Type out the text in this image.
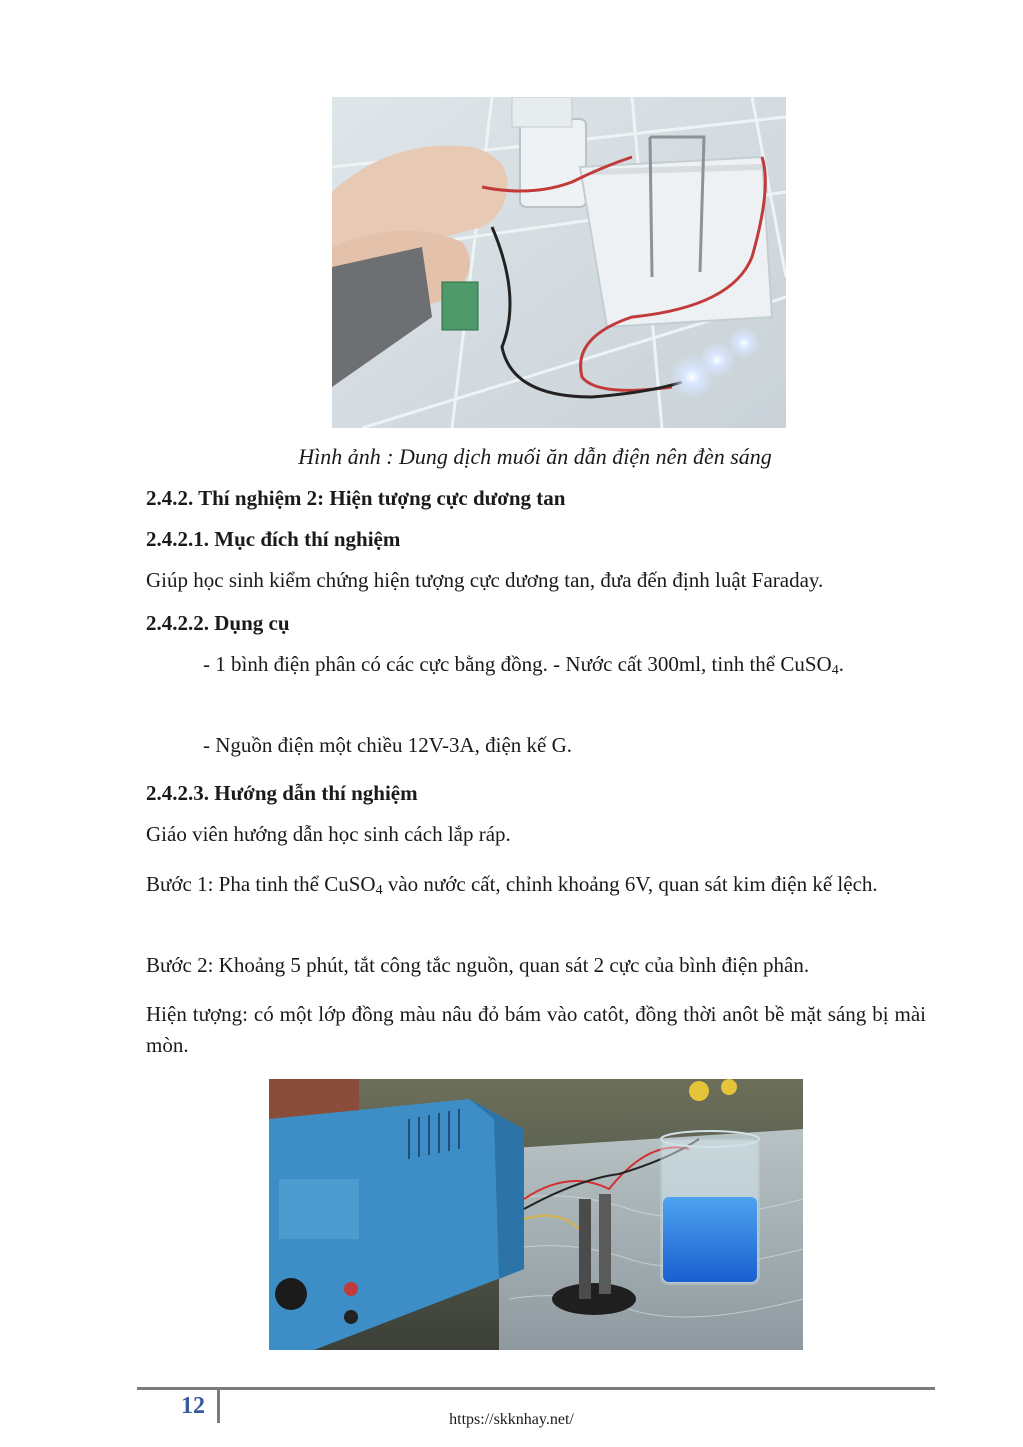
Hình ảnh : Dung dịch muối ăn dẫn điện nên đèn sáng
2.4.2. Thí nghiệm 2: Hiện tượng cực dương tan
2.4.2.1. Mục đích thí nghiệm
Giúp học sinh kiểm chứng hiện tượng cực dương tan, đưa đến định luật Faraday.
2.4.2.2. Dụng cụ
- 1 bình điện phân có các cực bằng đồng. - Nước cất 300ml, tinh thể CuSO$_4$.
- Nguồn điện một chiều 12V-3A, điện kế G.
2.4.2.3. Hướng dẫn thí nghiệm
Giáo viên hướng dẫn học sinh cách lắp ráp.
Bước 1: Pha tinh thể CuSO$_4$ vào nước cất, chỉnh khoảng 6V, quan sát kim điện kế lệch.
Bước 2: Khoảng 5 phút, tắt công tắc nguồn, quan sát 2 cực của bình điện phân.
Hiện tượng: có một lớp đồng màu nâu đỏ bám vào catôt, đồng thời anôt bề mặt sáng bị mài mòn.
12
https://skknhay.net/
